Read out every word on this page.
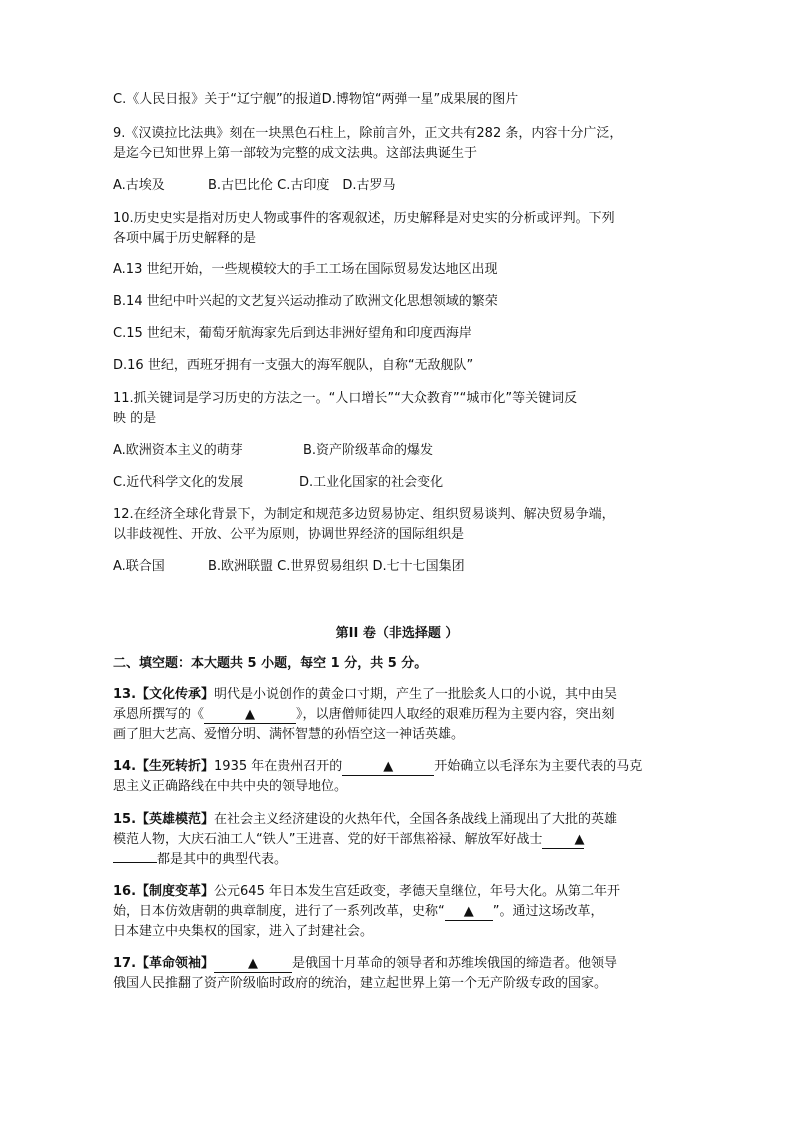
C.《人民日报》关于“辽宁舰”的报道D.博物馆“两弹一星”成果展的图片
9.《汉谟拉比法典》刻在一块黑色石柱上，除前言外，正文共有282 条，内容十分广泛，
是迄今已知世界上第一部较为完整的成文法典。这部法典诞生于
A.古埃及	B.古巴比伦 C.古印度　D.古罗马
10.历史史实是指对历史人物或事件的客观叙述，历史解释是对史实的分析或评判。下列
各项中属于历史解释的是
A.13 世纪开始，一些规模较大的手工工场在国际贸易发达地区出现
B.14 世纪中叶兴起的文艺复兴运动推动了欧洲文化思想领域的繁荣
C.15 世纪末，葡萄牙航海家先后到达非洲好望角和印度西海岸
D.16 世纪，西班牙拥有一支强大的海军舰队，自称“无敌舰队”
11.抓关键词是学习历史的方法之一。“人口增长”“大众教育”“城市化”等关键词反
映 的是
A.欧洲资本主义的萌芽	B.资产阶级革命的爆发
C.近代科学文化的发展	D.工业化国家的社会变化
12.在经济全球化背景下，为制定和规范多边贸易协定、组织贸易谈判、解决贸易争端，
以非歧视性、开放、公平为原则，协调世界经济的国际组织是
A.联合国	B.欧洲联盟 C.世界贸易组织 D.七十七国集团
第II 卷（非选择题 ）
二、填空题：本大题共 5 小题，每空 1 分，共 5 分。
13.【文化传承】明代是小说创作的黄金口寸期，产生了一批脍炙人口的小说，其中由吴
承恩所撰写的《	▲	》，以唐僧师徒四人取经的艰难历程为主要内容，突出刻
画了胆大艺高、爱憎分明、满怀智慧的孙悟空这一神话英雄。
14.【生死转折】1935 年在贵州召开的	▲	开始确立以毛泽东为主要代表的马克
思主义正确路线在中共中央的领导地位。
15.【英雄模范】在社会主义经济建设的火热年代，全国各条战线上涌现出了大批的英雄
模范人物，大庆石油工人“铁人”王进喜、党的好干部焦裕禄、解放军好战士 ▲
都是其中的典型代表。
16.【制度变革】公元645 年日本发生宫廷政变，孝德天皇继位，年号大化。从第二年开
始，日本仿效唐朝的典章制度，进行了一系列改革，史称“ ▲ ”。通过这场改革，
日本建立中央集权的国家，进入了封建社会。
17.【革命领袖】	▲	是俄国十月革命的领导者和苏维埃俄国的缔造者。他领导
俄国人民推翻了资产阶级临时政府的统治，建立起世界上第一个无产阶级专政的国家。
